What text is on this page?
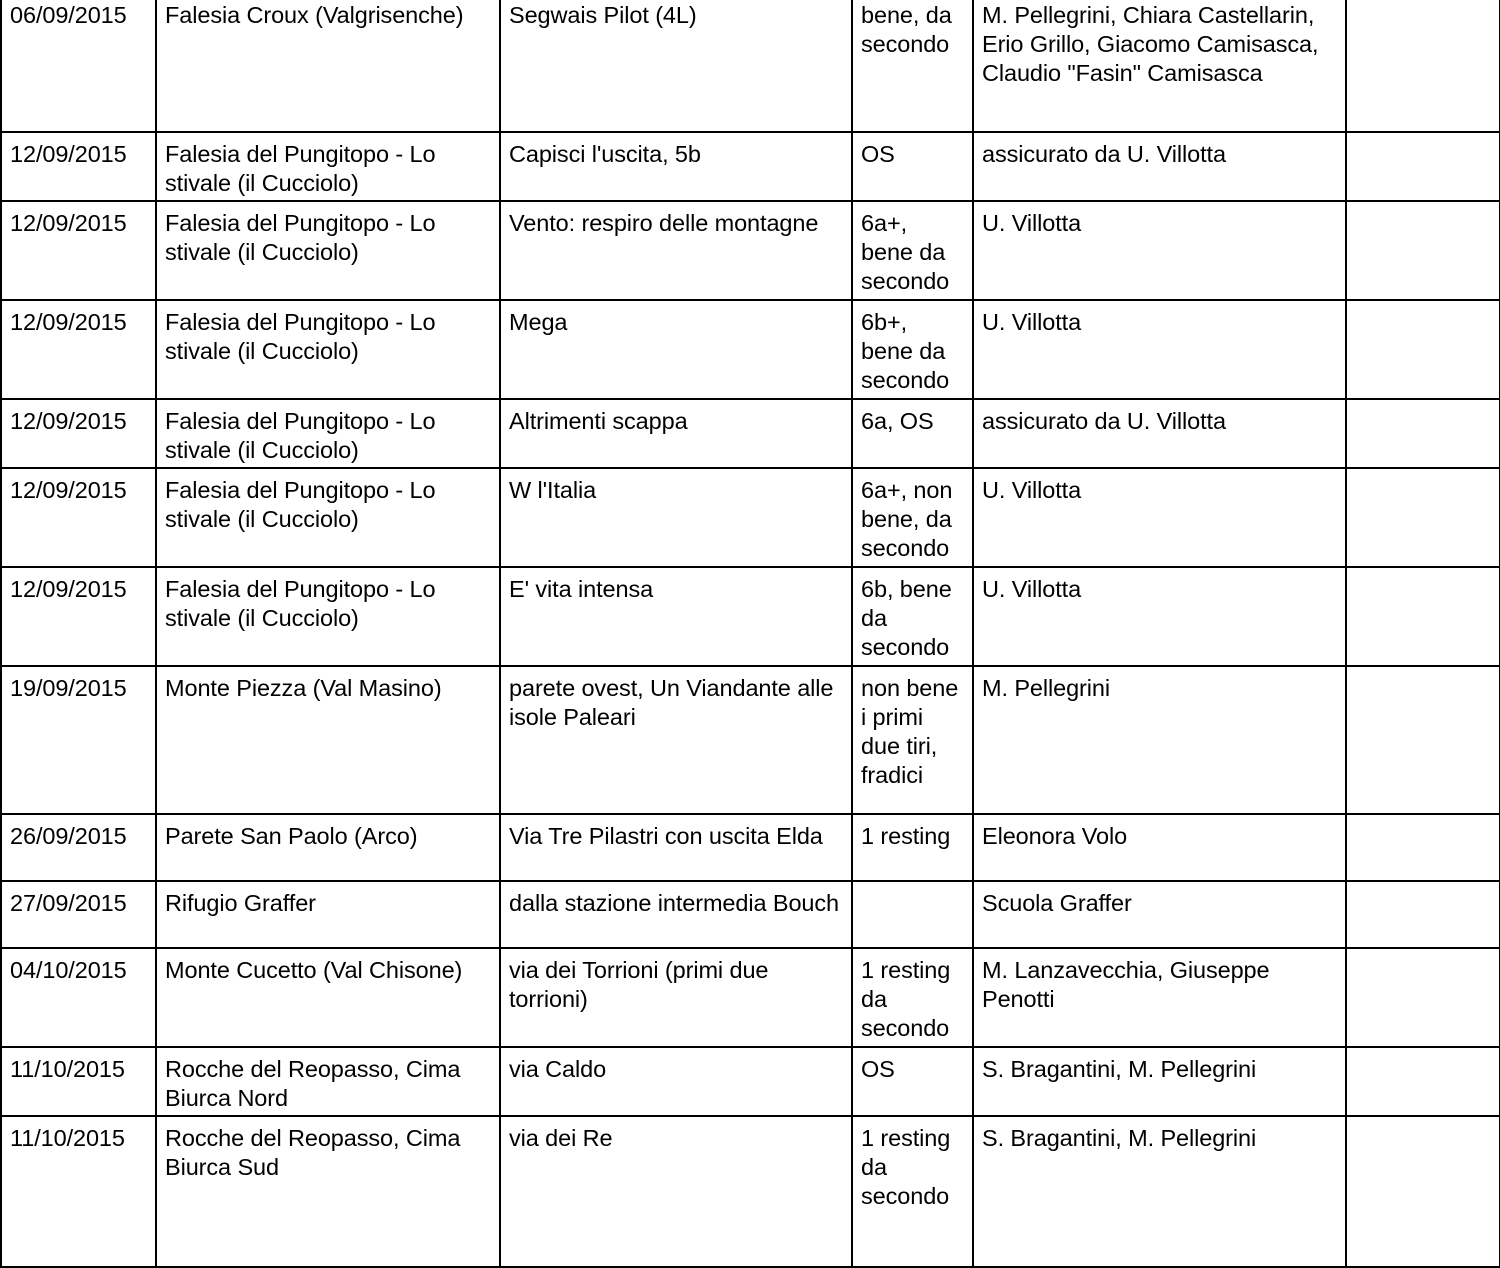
06/09/2015	Falesia Croux (Valgrisenche)	Segwais Pilot (4L)	bene, da secondo	M. Pellegrini, Chiara Castellarin, Erio Grillo, Giacomo Camisasca, Claudio "Fasin" Camisasca	
12/09/2015	Falesia del Pungitopo - Lo stivale (il Cucciolo)	Capisci l'uscita, 5b	OS	assicurato da U. Villotta	
12/09/2015	Falesia del Pungitopo - Lo stivale (il Cucciolo)	Vento: respiro delle montagne	6a+, bene da secondo	U. Villotta	
12/09/2015	Falesia del Pungitopo - Lo stivale (il Cucciolo)	Mega	6b+, bene da secondo	U. Villotta	
12/09/2015	Falesia del Pungitopo - Lo stivale (il Cucciolo)	Altrimenti scappa	6a, OS	assicurato da U. Villotta	
12/09/2015	Falesia del Pungitopo - Lo stivale (il Cucciolo)	W l'Italia	6a+, non bene, da secondo	U. Villotta	
12/09/2015	Falesia del Pungitopo - Lo stivale (il Cucciolo)	E' vita intensa	6b, bene da secondo	U. Villotta	
19/09/2015	Monte Piezza (Val Masino)	parete ovest, Un Viandante alle isole Paleari	non bene i primi due tiri, fradici	M. Pellegrini	
26/09/2015	Parete San Paolo (Arco)	Via Tre Pilastri con uscita Elda	1 resting	Eleonora Volo	
27/09/2015	Rifugio Graffer	dalla stazione intermedia Bouch		Scuola Graffer	
04/10/2015	Monte Cucetto (Val Chisone)	via dei Torrioni (primi due torrioni)	1 resting da secondo	M. Lanzavecchia, Giuseppe Penotti	
11/10/2015	Rocche del Reopasso, Cima Biurca Nord	via Caldo	OS	S. Bragantini, M. Pellegrini	
11/10/2015	Rocche del Reopasso, Cima Biurca Sud	via dei Re	1 resting da secondo	S. Bragantini, M. Pellegrini	
